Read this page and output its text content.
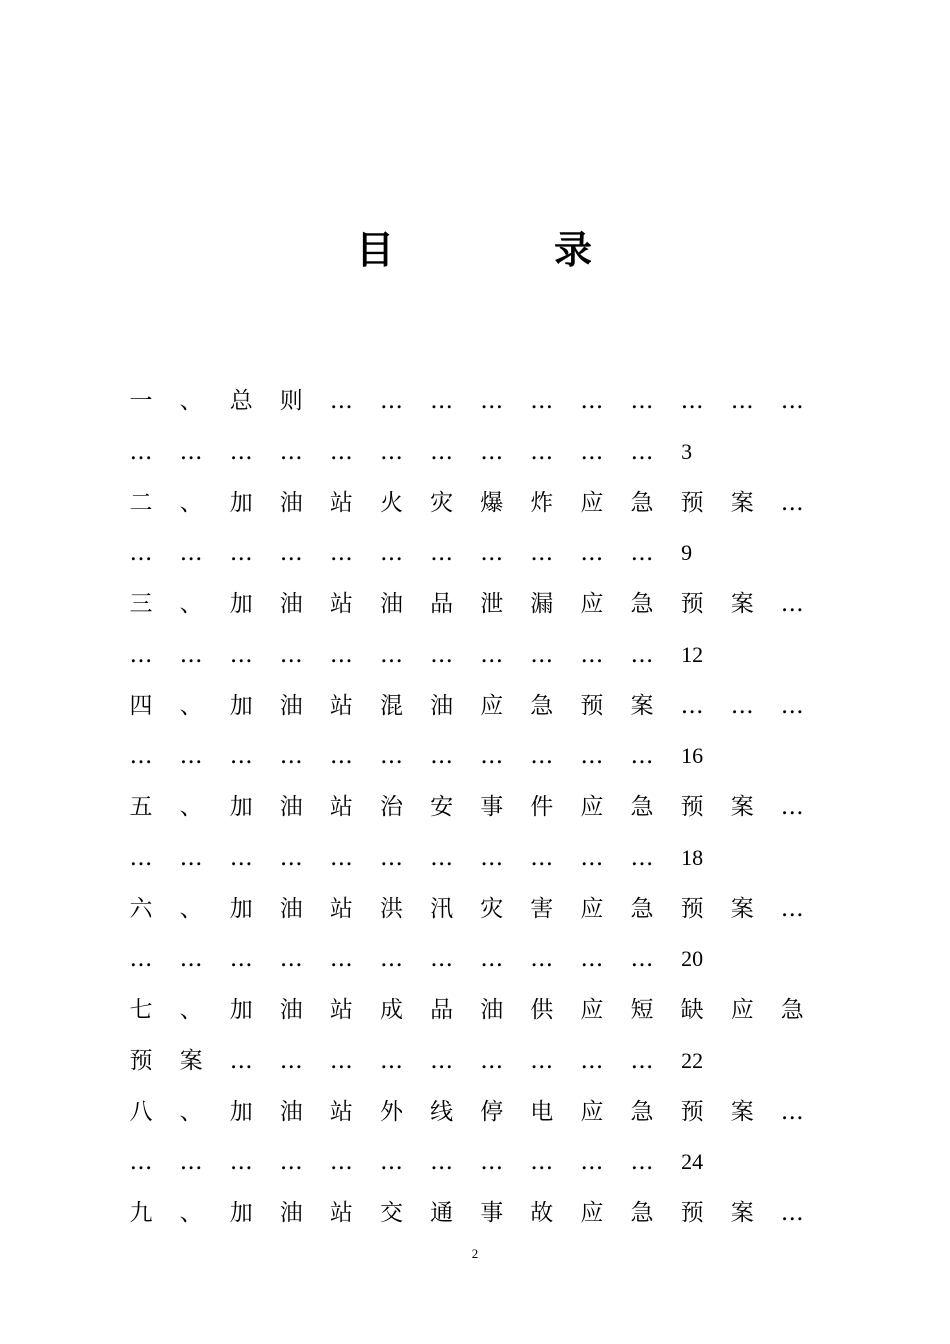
目	录
一	、	总	则	…	…	…	…	…	…	…	…	…	…
…	…	…	…	…	…	…	…	…	…	…	3
二	、	加	油	站	火	灾	爆	炸	应	急	预	案	…
…	…	…	…	…	…	…	…	…	…	…	9
三	、	加	油	站	油	品	泄	漏	应	急	预	案	…
…	…	…	…	…	…	…	…	…	…	…	12
四	、	加	油	站	混	油	应	急	预	案	…	…	…
…	…	…	…	…	…	…	…	…	…	…	16
五	、	加	油	站	治	安	事	件	应	急	预	案	…
…	…	…	…	…	…	…	…	…	…	…	18
六	、	加	油	站	洪	汛	灾	害	应	急	预	案	…
…	…	…	…	…	…	…	…	…	…	…	20
七	、	加	油	站	成	品	油	供	应	短	缺	应	急
预	案	…	…	…	…	…	…	…	…	…	22
八	、	加	油	站	外	线	停	电	应	急	预	案	…
…	…	…	…	…	…	…	…	…	…	…	24
九	、	加	油	站	交	通	事	故	应	急	预	案	…
2
